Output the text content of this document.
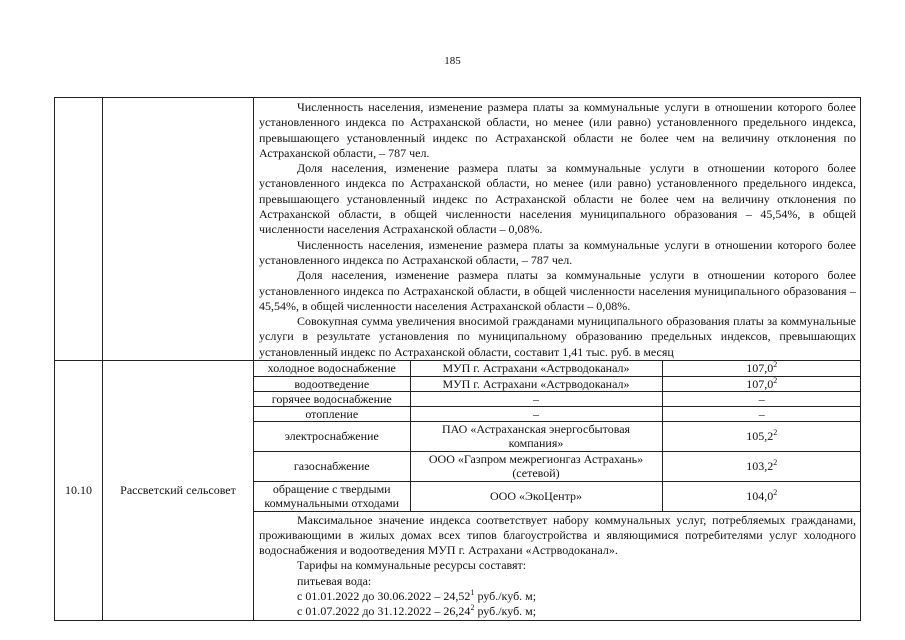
185

Численность населения, изменение размера платы за коммунальные услуги в отношении которого более установленного индекса по Астраханской области, но менее (или равно) установленного предельного индекса, превышающего установленный индекс по Астраханской области не более чем на величину отклонения по Астраханской области, – 787 чел.

Доля населения, изменение размера платы за коммунальные услуги в отношении которого более установленного индекса по Астраханской области, но менее (или равно) установленного предельного индекса, превышающего установленный индекс по Астраханской области не более чем на величину отклонения по Астраханской области, в общей численности населения муниципального образования – 45,54%, в общей численности населения Астраханской области – 0,08%.

Численность населения, изменение размера платы за коммунальные услуги в отношении которого более установленного индекса по Астраханской области, – 787 чел.

Доля населения, изменение размера платы за коммунальные услуги в отношении которого более установленного индекса по Астраханской области, в общей численности населения муниципального образования – 45,54%, в общей численности населения Астраханской области – 0,08%.

Совокупная сумма увеличения вносимой гражданами муниципального образования платы за коммунальные услуги в результате установления по муниципальному образованию предельных индексов, превышающих установленный индекс по Астраханской области, составит 1,41 тыс. руб. в месяц

10.10	Рассветский сельсовет	
холодное водоснабжение	МУП г. Астрахани «Астрводоканал»	107,0$^2$
водоотведение	МУП г. Астрахани «Астрводоканал»	107,0$^2$
горячее водоснабжение	–	–
отопление	–	–
электроснабжение	ПАО «Астраханская энергосбытовая компания»	105,2$^2$
газоснабжение	ООО «Газпром межрегионгаз Астрахань» (сетевой)	103,2$^2$
обращение с твердыми коммунальными отходами	ООО «ЭкоЦентр»	104,0$^2$

Максимальное значение индекса соответствует набору коммунальных услуг, потребляемых гражданами, проживающими в жилых домах всех типов благоустройства и являющимися потребителями услуг холодного водоснабжения и водоотведения МУП г. Астрахани «Астрводоканал».

Тарифы на коммунальные ресурсы составят:

питьевая вода:

с 01.01.2022 до 30.06.2022 – 24,52$^1$ руб./куб. м;

с 01.07.2022 до 31.12.2022 – 26,24$^2$ руб./куб. м;
